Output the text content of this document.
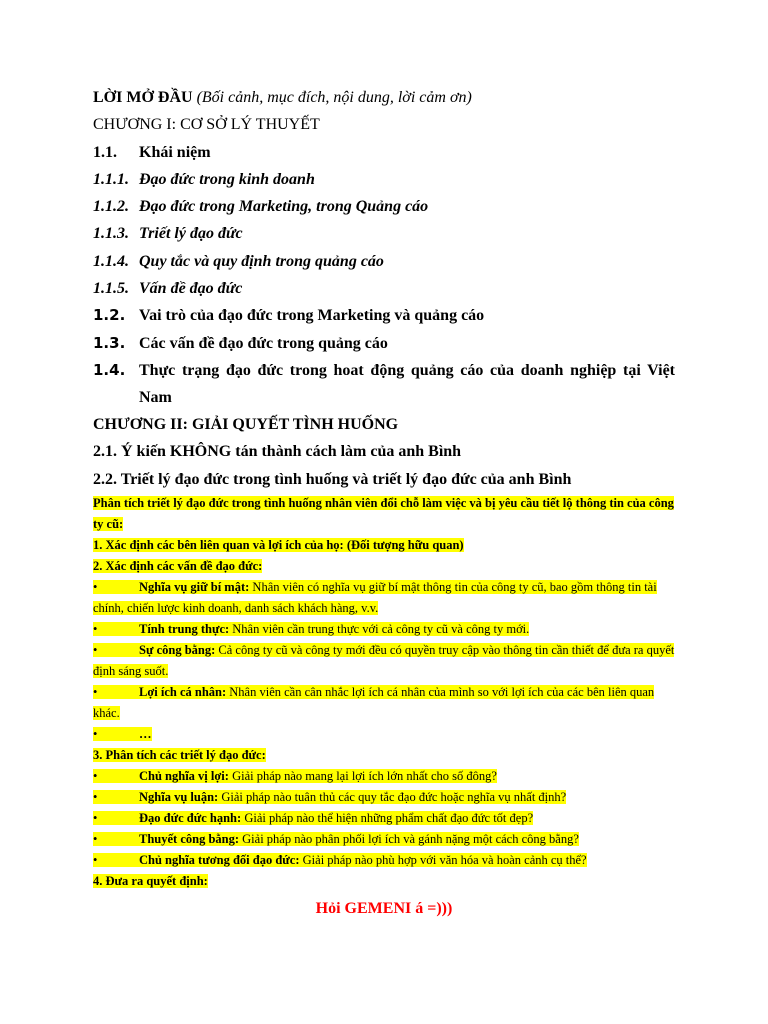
LỜI MỞ ĐẦU (Bối cảnh, mục đích, nội dung, lời cảm ơn)
CHƯƠNG I: CƠ SỞ LÝ THUYẾT
1.1. Khái niệm
1.1.1. Đạo đức trong kinh doanh
1.1.2. Đạo đức trong Marketing, trong Quảng cáo
1.1.3. Triết lý đạo đức
1.1.4. Quy tắc và quy định trong quảng cáo
1.1.5. Vấn đề đạo đức
1.2. Vai trò của đạo đức trong Marketing và quảng cáo
1.3. Các vấn đề đạo đức trong quảng cáo
1.4. Thực trạng đạo đức trong hoat động quảng cáo của doanh nghiệp tại Việt Nam
CHƯƠNG II: GIẢI QUYẾT TÌNH HUỐNG
2.1. Ý kiến KHÔNG tán thành cách làm của anh Bình
2.2. Triết lý đạo đức trong tình huống và triết lý đạo đức của anh Bình

Phân tích triết lý đạo đức trong tình huống nhân viên đổi chỗ làm việc và bị yêu cầu tiết lộ thông tin của công ty cũ:

1. Xác định các bên liên quan và lợi ích của họ: (Đối tượng hữu quan)

2. Xác định các vấn đề đạo đức:

•	Nghĩa vụ giữ bí mật: Nhân viên có nghĩa vụ giữ bí mật thông tin của công ty cũ, bao gồm thông tin tài chính, chiến lược kinh doanh, danh sách khách hàng, v.v.

•	Tính trung thực: Nhân viên cần trung thực với cả công ty cũ và công ty mới.

•	Sự công bằng: Cả công ty cũ và công ty mới đều có quyền truy cập vào thông tin cần thiết để đưa ra quyết định sáng suốt.

•	Lợi ích cá nhân: Nhân viên cần cân nhắc lợi ích cá nhân của mình so với lợi ích của các bên liên quan khác.

•	…

3. Phân tích các triết lý đạo đức:

•	Chủ nghĩa vị lợi: Giải pháp nào mang lại lợi ích lớn nhất cho số đông?

•	Nghĩa vụ luận: Giải pháp nào tuân thủ các quy tắc đạo đức hoặc nghĩa vụ nhất định?

•	Đạo đức đức hạnh: Giải pháp nào thể hiện những phẩm chất đạo đức tốt đẹp?

•	Thuyết công bằng: Giải pháp nào phân phối lợi ích và gánh nặng một cách công bằng?

•	Chủ nghĩa tương đối đạo đức: Giải pháp nào phù hợp với văn hóa và hoàn cảnh cụ thể?

4. Đưa ra quyết định:

Hỏi GEMENI á =)))
